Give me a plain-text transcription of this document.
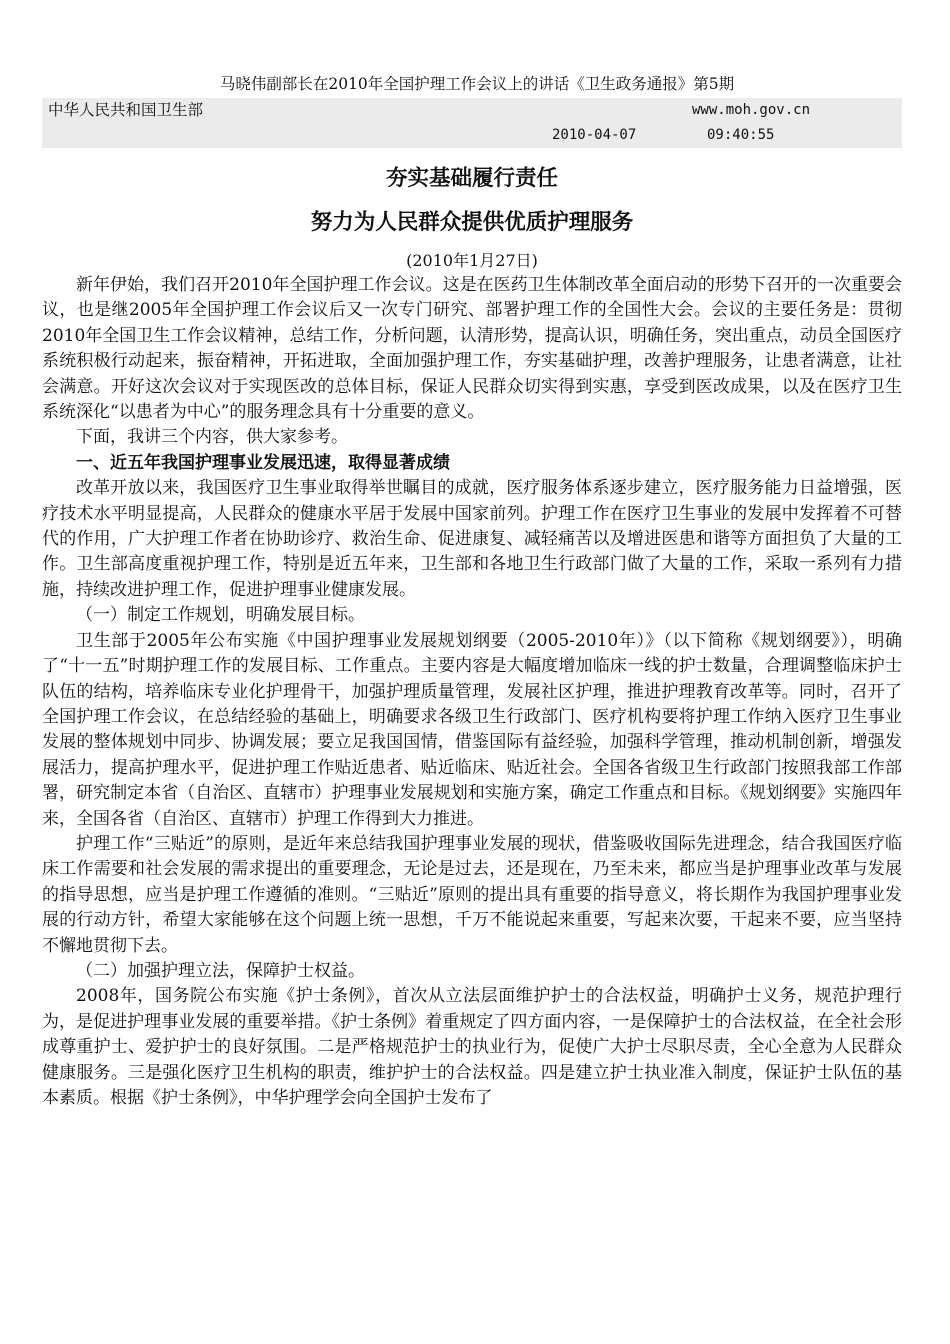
马晓伟副部长在2010年全国护理工作会议上的讲话《卫生政务通报》第5期
中华人民共和国卫生部	www.moh.gov.cn
2010-04-07	09:40:55
夯实基础履行责任
努力为人民群众提供优质护理服务
(2010年1月27日)

新年伊始，我们召开2010年全国护理工作会议。这是在医药卫生体制改革全面启动的形势下召开的一次重要会议，也是继2005年全国护理工作会议后又一次专门研究、部署护理工作的全国性大会。会议的主要任务是：贯彻2010年全国卫生工作会议精神，总结工作，分析问题，认清形势，提高认识，明确任务，突出重点，动员全国医疗系统积极行动起来，振奋精神，开拓进取，全面加强护理工作，夯实基础护理，改善护理服务，让患者满意，让社会满意。开好这次会议对于实现医改的总体目标，保证人民群众切实得到实惠，享受到医改成果，以及在医疗卫生系统深化“以患者为中心”的服务理念具有十分重要的意义。

下面，我讲三个内容，供大家参考。

一、近五年我国护理事业发展迅速，取得显著成绩

改革开放以来，我国医疗卫生事业取得举世瞩目的成就，医疗服务体系逐步建立，医疗服务能力日益增强，医疗技术水平明显提高，人民群众的健康水平居于发展中国家前列。护理工作在医疗卫生事业的发展中发挥着不可替代的作用，广大护理工作者在协助诊疗、救治生命、促进康复、减轻痛苦以及增进医患和谐等方面担负了大量的工作。卫生部高度重视护理工作，特别是近五年来，卫生部和各地卫生行政部门做了大量的工作，采取一系列有力措施，持续改进护理工作，促进护理事业健康发展。

（一）制定工作规划，明确发展目标。

卫生部于2005年公布实施《中国护理事业发展规划纲要（2005-2010年）》（以下简称《规划纲要》），明确了“十一五”时期护理工作的发展目标、工作重点。主要内容是大幅度增加临床一线的护士数量，合理调整临床护士队伍的结构，培养临床专业化护理骨干，加强护理质量管理，发展社区护理，推进护理教育改革等。同时，召开了全国护理工作会议，在总结经验的基础上，明确要求各级卫生行政部门、医疗机构要将护理工作纳入医疗卫生事业发展的整体规划中同步、协调发展；要立足我国国情，借鉴国际有益经验，加强科学管理，推动机制创新，增强发展活力，提高护理水平，促进护理工作贴近患者、贴近临床、贴近社会。全国各省级卫生行政部门按照我部工作部署，研究制定本省（自治区、直辖市）护理事业发展规划和实施方案，确定工作重点和目标。《规划纲要》实施四年来，全国各省（自治区、直辖市）护理工作得到大力推进。

护理工作“三贴近”的原则，是近年来总结我国护理事业发展的现状，借鉴吸收国际先进理念，结合我国医疗临床工作需要和社会发展的需求提出的重要理念，无论是过去，还是现在，乃至未来，都应当是护理事业改革与发展的指导思想，应当是护理工作遵循的准则。“三贴近”原则的提出具有重要的指导意义，将长期作为我国护理事业发展的行动方针，希望大家能够在这个问题上统一思想，千万不能说起来重要，写起来次要，干起来不要，应当坚持不懈地贯彻下去。

（二）加强护理立法，保障护士权益。

2008年，国务院公布实施《护士条例》，首次从立法层面维护护士的合法权益，明确护士义务，规范护理行为，是促进护理事业发展的重要举措。《护士条例》着重规定了四方面内容，一是保障护士的合法权益，在全社会形成尊重护士、爱护护士的良好氛围。二是严格规范护士的执业行为，促使广大护士尽职尽责，全心全意为人民群众健康服务。三是强化医疗卫生机构的职责，维护护士的合法权益。四是建立护士执业准入制度，保证护士队伍的基本素质。根据《护士条例》，中华护理学会向全国护士发布了
